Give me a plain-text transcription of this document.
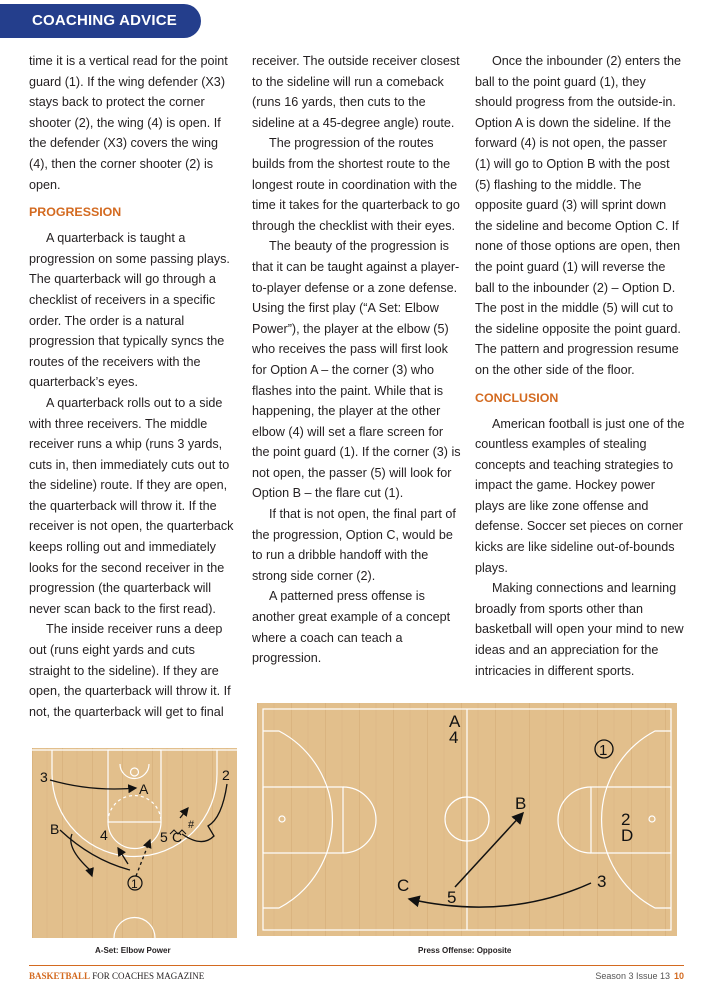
COACHING ADVICE

time it is a vertical read for the point guard (1). If the wing defender (X3) stays back to protect the corner shooter (2), the wing (4) is open. If the defender (X3) covers the wing (4), then the corner shooter (2) is open.

PROGRESSION

A quarterback is taught a progression on some passing plays. The quarterback will go through a checklist of receivers in a specific order. The order is a natural progression that typically syncs the routes of the receivers with the quarterback’s eyes.

A quarterback rolls out to a side with three receivers. The middle receiver runs a whip (runs 3 yards, cuts in, then immediately cuts out to the sideline) route. If they are open, the quarterback will throw it. If the receiver is not open, the quarterback keeps rolling out and immediately looks for the second receiver in the progression (the quarterback will never scan back to the first read).

The inside receiver runs a deep out (runs eight yards and cuts straight to the sideline). If they are open, the quarterback will throw it. If not, the quarterback will get to final

receiver. The outside receiver closest to the sideline will run a comeback (runs 16 yards, then cuts to the sideline at a 45-degree angle) route.

The progression of the routes builds from the shortest route to the longest route in coordination with the time it takes for the quarterback to go through the checklist with their eyes.

The beauty of the progression is that it can be taught against a player-to-player defense or a zone defense. Using the first play (“A Set: Elbow Power”), the player at the elbow (5) who receives the pass will first look for Option A – the corner (3) who flashes into the paint. While that is happening, the player at the other elbow (4) will set a flare screen for the point guard (1). If the corner (3) is not open, the passer (5) will look for Option B – the flare cut (1).

If that is not open, the final part of the progression, Option C, would be to run a dribble handoff with the strong side corner (2).

A patterned press offense is another great example of a concept where a coach can teach a progression.

Once the inbounder (2) enters the ball to the point guard (1), they should progress from the outside-in. Option A is down the sideline. If the forward (4) is not open, the passer (1) will go to Option B with the post (5) flashing to the middle. The opposite guard (3) will sprint down the sideline and become Option C. If none of those options are open, then the point guard (1) will reverse the ball to the inbounder (2) – Option D. The post in the middle (5) will cut to the sideline opposite the point guard. The pattern and progression resume on the other side of the floor.

CONCLUSION

American football is just one of the countless examples of stealing concepts and teaching strategies to impact the game. Hockey power plays are like zone offense and defense. Soccer set pieces on corner kicks are like sideline out-of-bounds plays.

Making connections and learning broadly from sports other than basketball will open your mind to new ideas and an appreciation for the intricacies in different sports.

3	2
A
B	4	5 C
#
1
A-Set: Elbow Power
A
4
B
2
D
C
5
3
1
Press Offense: Opposite
BASKETBALL FOR COACHES MAGAZINE	Season 3 Issue 13 10
